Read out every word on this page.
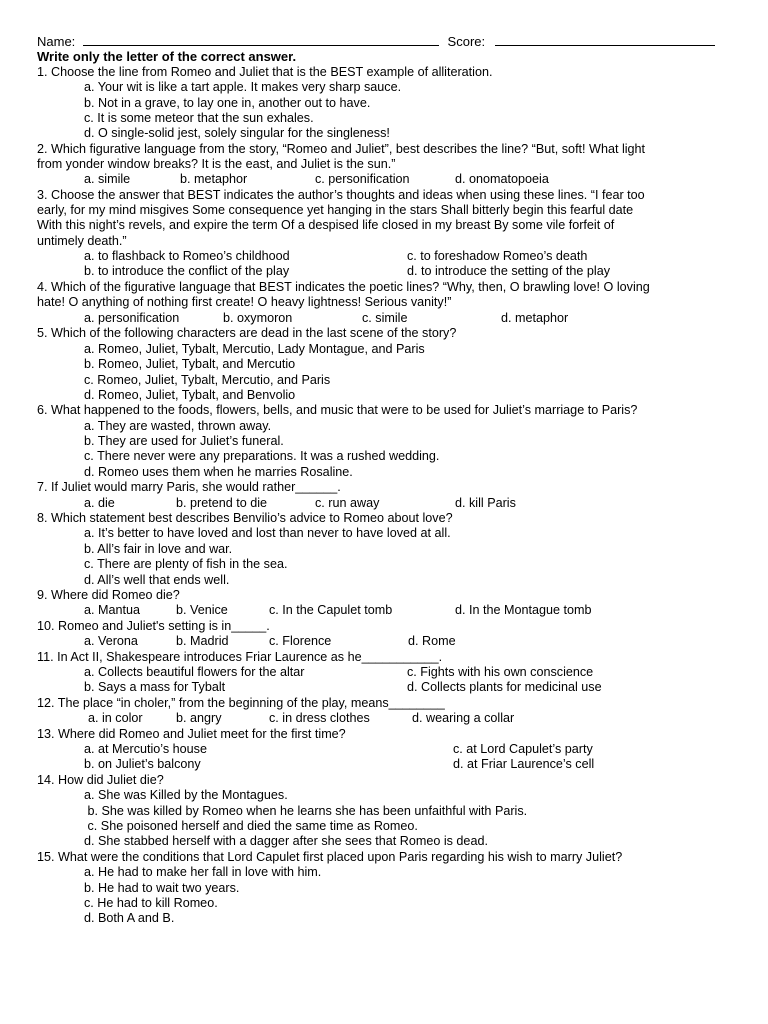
Name:	Score:
Write only the letter of the correct answer.
1. Choose the line from Romeo and Juliet that is the BEST example of alliteration.
a. Your wit is like a tart apple. It makes very sharp sauce.
b. Not in a grave, to lay one in, another out to have.
c. It is some meteor that the sun exhales.
d. O single-solid jest, solely singular for the singleness!
2. Which figurative language from the story, “Romeo and Juliet”, best describes the line? “But, soft! What light
from yonder window breaks? It is the east, and Juliet is the sun.”
a. simile	b. metaphor	c. personification	d. onomatopoeia
3. Choose the answer that BEST indicates the author’s thoughts and ideas when using these lines. “I fear too
early, for my mind misgives Some consequence yet hanging in the stars Shall bitterly begin this fearful date
With this night’s revels, and expire the term Of a despised life closed in my breast By some vile forfeit of
untimely death.”
a. to flashback to Romeo’s childhood	c. to foreshadow Romeo’s death
b. to introduce the conflict of the play	d. to introduce the setting of the play
4. Which of the figurative language that BEST indicates the poetic lines? “Why, then, O brawling love! O loving
hate! O anything of nothing first create! O heavy lightness! Serious vanity!”
a. personification	b. oxymoron	c. simile	d. metaphor
5. Which of the following characters are dead in the last scene of the story?
a. Romeo, Juliet, Tybalt, Mercutio, Lady Montague, and Paris
b. Romeo, Juliet, Tybalt, and Mercutio
c. Romeo, Juliet, Tybalt, Mercutio, and Paris
d. Romeo, Juliet, Tybalt, and Benvolio
6. What happened to the foods, flowers, bells, and music that were to be used for Juliet’s marriage to Paris?
a. They are wasted, thrown away.
b. They are used for Juliet’s funeral.
c. There never were any preparations. It was a rushed wedding.
d. Romeo uses them when he marries Rosaline.
7. If Juliet would marry Paris, she would rather______.
a. die	b. pretend to die	c. run away	d. kill Paris
8. Which statement best describes Benvilio’s advice to Romeo about love?
a. It’s better to have loved and lost than never to have loved at all.
b. All’s fair in love and war.
c. There are plenty of fish in the sea.
d. All’s well that ends well.
9. Where did Romeo die?
a. Mantua	b. Venice	c. In the Capulet tomb	d. In the Montague tomb
10. Romeo and Juliet's setting is in_____.
a. Verona	b. Madrid	c. Florence	d. Rome
11. In Act II, Shakespeare introduces Friar Laurence as he___________.
a. Collects beautiful flowers for the altar	c. Fights with his own conscience
b. Says a mass for Tybalt	d. Collects plants for medicinal use
12. The place “in choler,” from the beginning of the play, means________
a. in color	b. angry	c. in dress clothes	d. wearing a collar
13. Where did Romeo and Juliet meet for the first time?
a. at Mercutio’s house	c. at Lord Capulet’s party
b. on Juliet’s balcony	d. at Friar Laurence’s cell
14. How did Juliet die?
a. She was Killed by the Montagues.
b. She was killed by Romeo when he learns she has been unfaithful with Paris.
c. She poisoned herself and died the same time as Romeo.
d. She stabbed herself with a dagger after she sees that Romeo is dead.
15. What were the conditions that Lord Capulet first placed upon Paris regarding his wish to marry Juliet?
a. He had to make her fall in love with him.
b. He had to wait two years.
c. He had to kill Romeo.
d. Both A and B.
